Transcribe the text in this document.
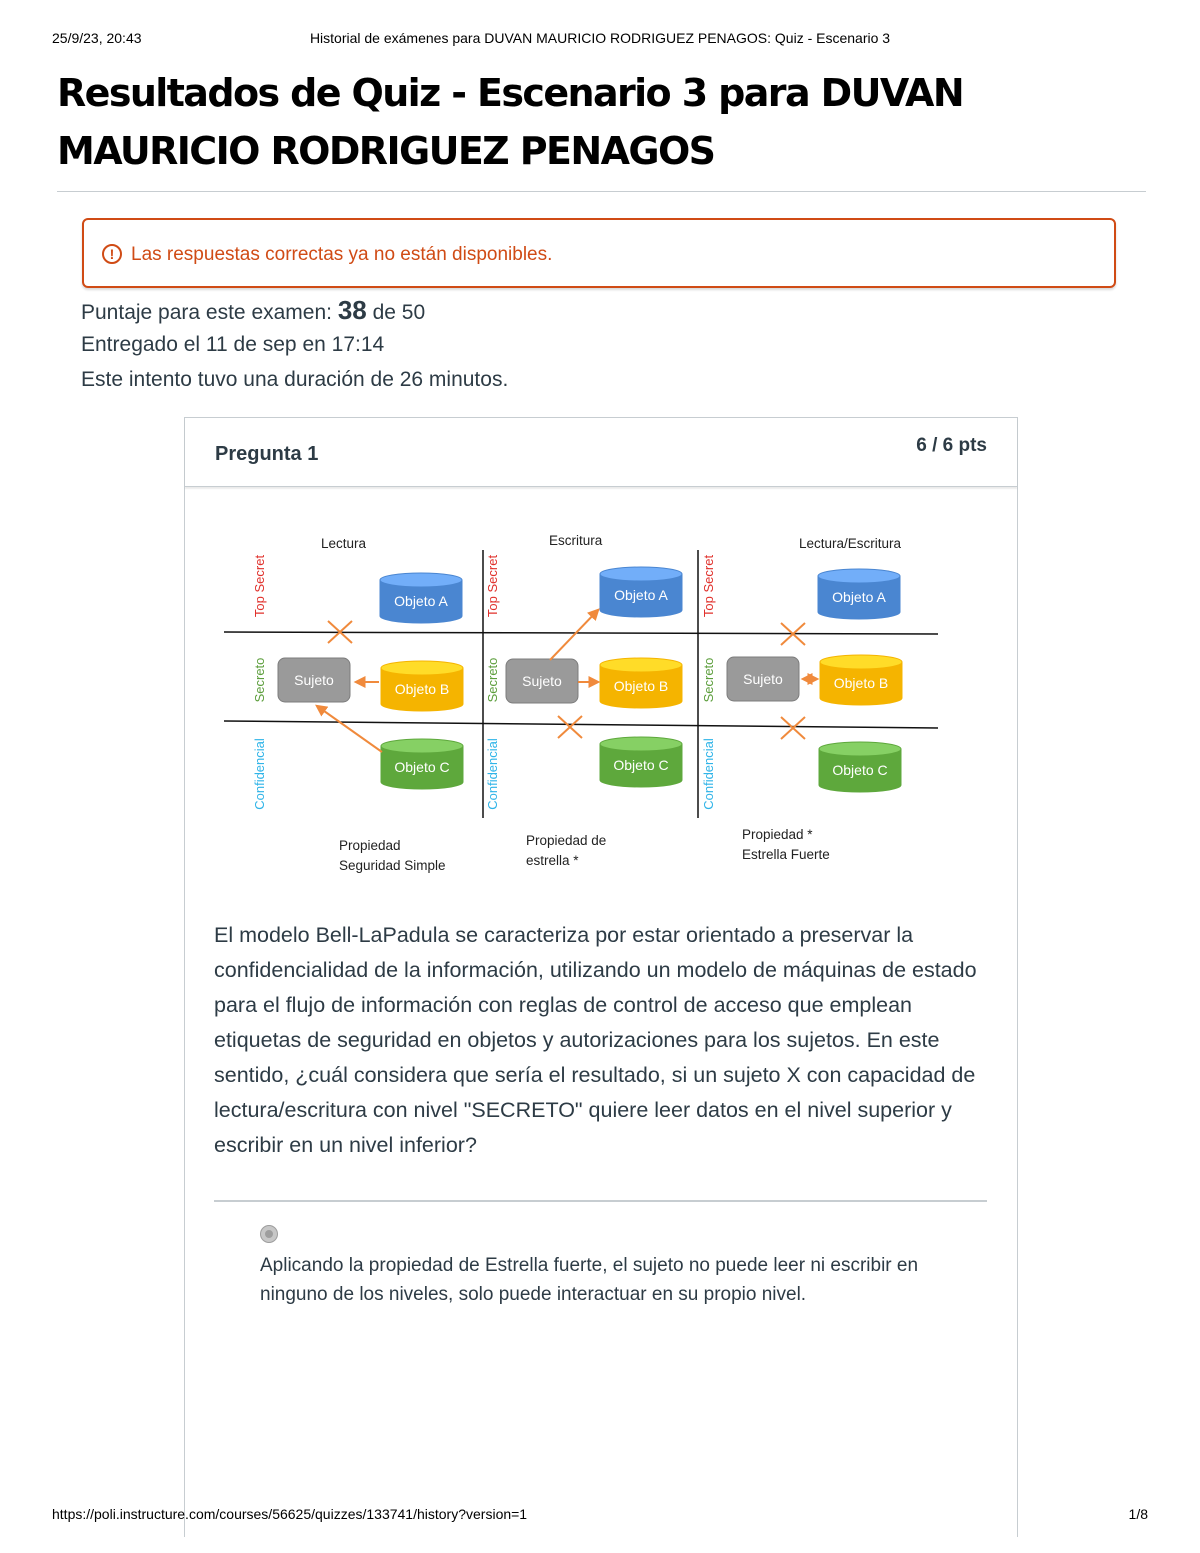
25/9/23, 20:43	Historial de exámenes para DUVAN MAURICIO RODRIGUEZ PENAGOS: Quiz - Escenario 3
Resultados de Quiz - Escenario 3 para DUVAN MAURICIO RODRIGUEZ PENAGOS
! Las respuestas correctas ya no están disponibles.
Puntaje para este examen: 38 de 50
Entregado el 11 de sep en 17:14
Este intento tuvo una duración de 26 minutos.
Pregunta 1	6 / 6 pts
Lectura
Top Secret
Secreto
Confidencial
Escritura
Top Secret
Secreto
Confidencial
Lectura/Escritura
Top Secret
Secreto
Confidencial
Objeto A
Objeto B
Objeto C
Sujeto
Propiedad
Seguridad Simple
Objeto A
Objeto B
Objeto C
Sujeto
Propiedad de
estrella *
Objeto A
Objeto B
Objeto C
Sujeto
Propiedad *
Estrella Fuerte
El modelo Bell-LaPadula se caracteriza por estar orientado a preservar la confidencialidad de la información, utilizando un modelo de máquinas de estado para el flujo de información con reglas de control de acceso que emplean etiquetas de seguridad en objetos y autorizaciones para los sujetos. En este sentido, ¿cuál considera que sería el resultado, si un sujeto X con capacidad de lectura/escritura con nivel "SECRETO" quiere leer datos en el nivel superior y escribir en un nivel inferior?
Aplicando la propiedad de Estrella fuerte, el sujeto no puede leer ni escribir en ninguno de los niveles, solo puede interactuar en su propio nivel.
https://poli.instructure.com/courses/56625/quizzes/133741/history?version=1	1/8
